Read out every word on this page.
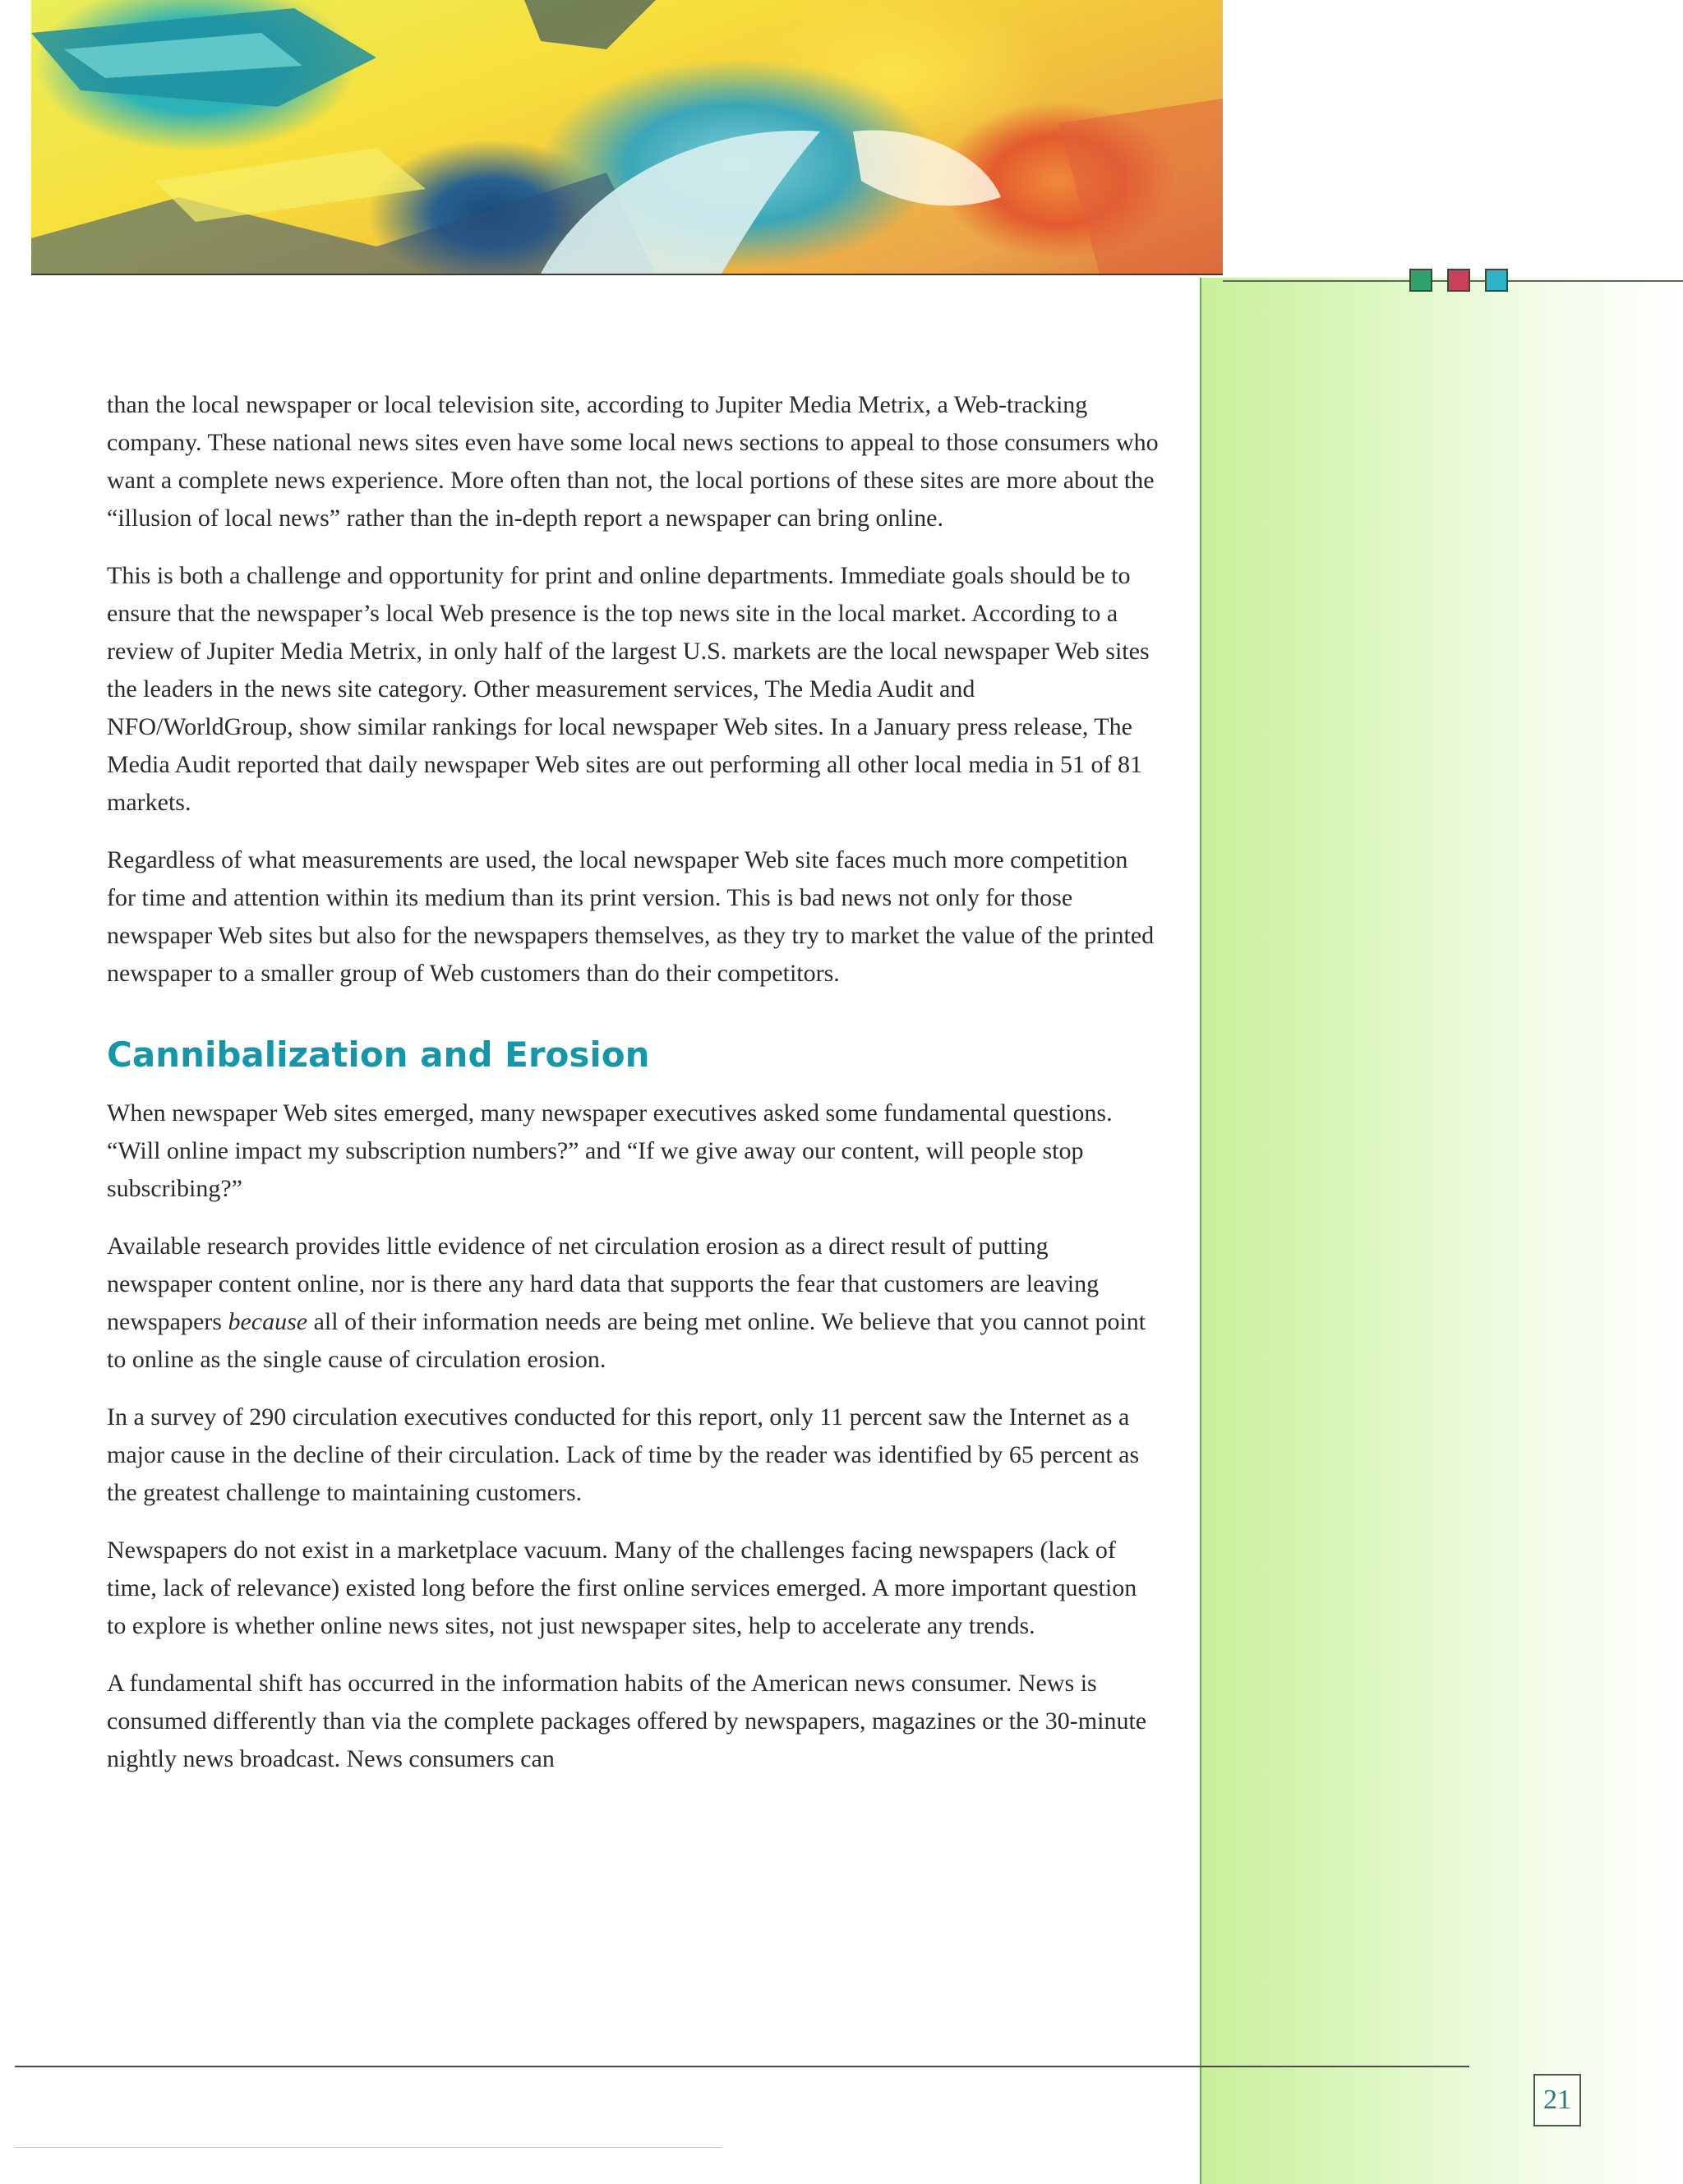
than the local newspaper or local television site, according to Jupiter Media Metrix, a Web-tracking company. These national news sites even have some local news sections to appeal to those consumers who want a complete news experience. More often than not, the local portions of these sites are more about the “illusion of local news” rather than the in-depth report a newspaper can bring online.

This is both a challenge and opportunity for print and online departments. Immediate goals should be to ensure that the newspaper’s local Web presence is the top news site in the local market. According to a review of Jupiter Media Metrix, in only half of the largest U.S. markets are the local newspaper Web sites the leaders in the news site category. Other measurement services, The Media Audit and NFO/WorldGroup, show similar rankings for local newspaper Web sites. In a January press release, The Media Audit reported that daily newspaper Web sites are out performing all other local media in 51 of 81 markets.

Regardless of what measurements are used, the local newspaper Web site faces much more competition for time and attention within its medium than its print version. This is bad news not only for those newspaper Web sites but also for the newspapers themselves, as they try to market the value of the printed newspaper to a smaller group of Web customers than do their competitors.

Cannibalization and Erosion

When newspaper Web sites emerged, many newspaper executives asked some fundamental questions. “Will online impact my subscription numbers?” and “If we give away our content, will people stop subscribing?”

Available research provides little evidence of net circulation erosion as a direct result of putting newspaper content online, nor is there any hard data that supports the fear that customers are leaving newspapers because all of their information needs are being met online. We believe that you cannot point to online as the single cause of circulation erosion.

In a survey of 290 circulation executives conducted for this report, only 11 percent saw the Internet as a major cause in the decline of their circulation. Lack of time by the reader was identified by 65 percent as the greatest challenge to maintaining customers.

Newspapers do not exist in a marketplace vacuum. Many of the challenges facing newspapers (lack of time, lack of relevance) existed long before the first online services emerged. A more important question to explore is whether online news sites, not just newspaper sites, help to accelerate any trends.

A fundamental shift has occurred in the information habits of the American news consumer. News is consumed differently than via the complete packages offered by newspapers, magazines or the 30-minute nightly news broadcast. News consumers can

21
